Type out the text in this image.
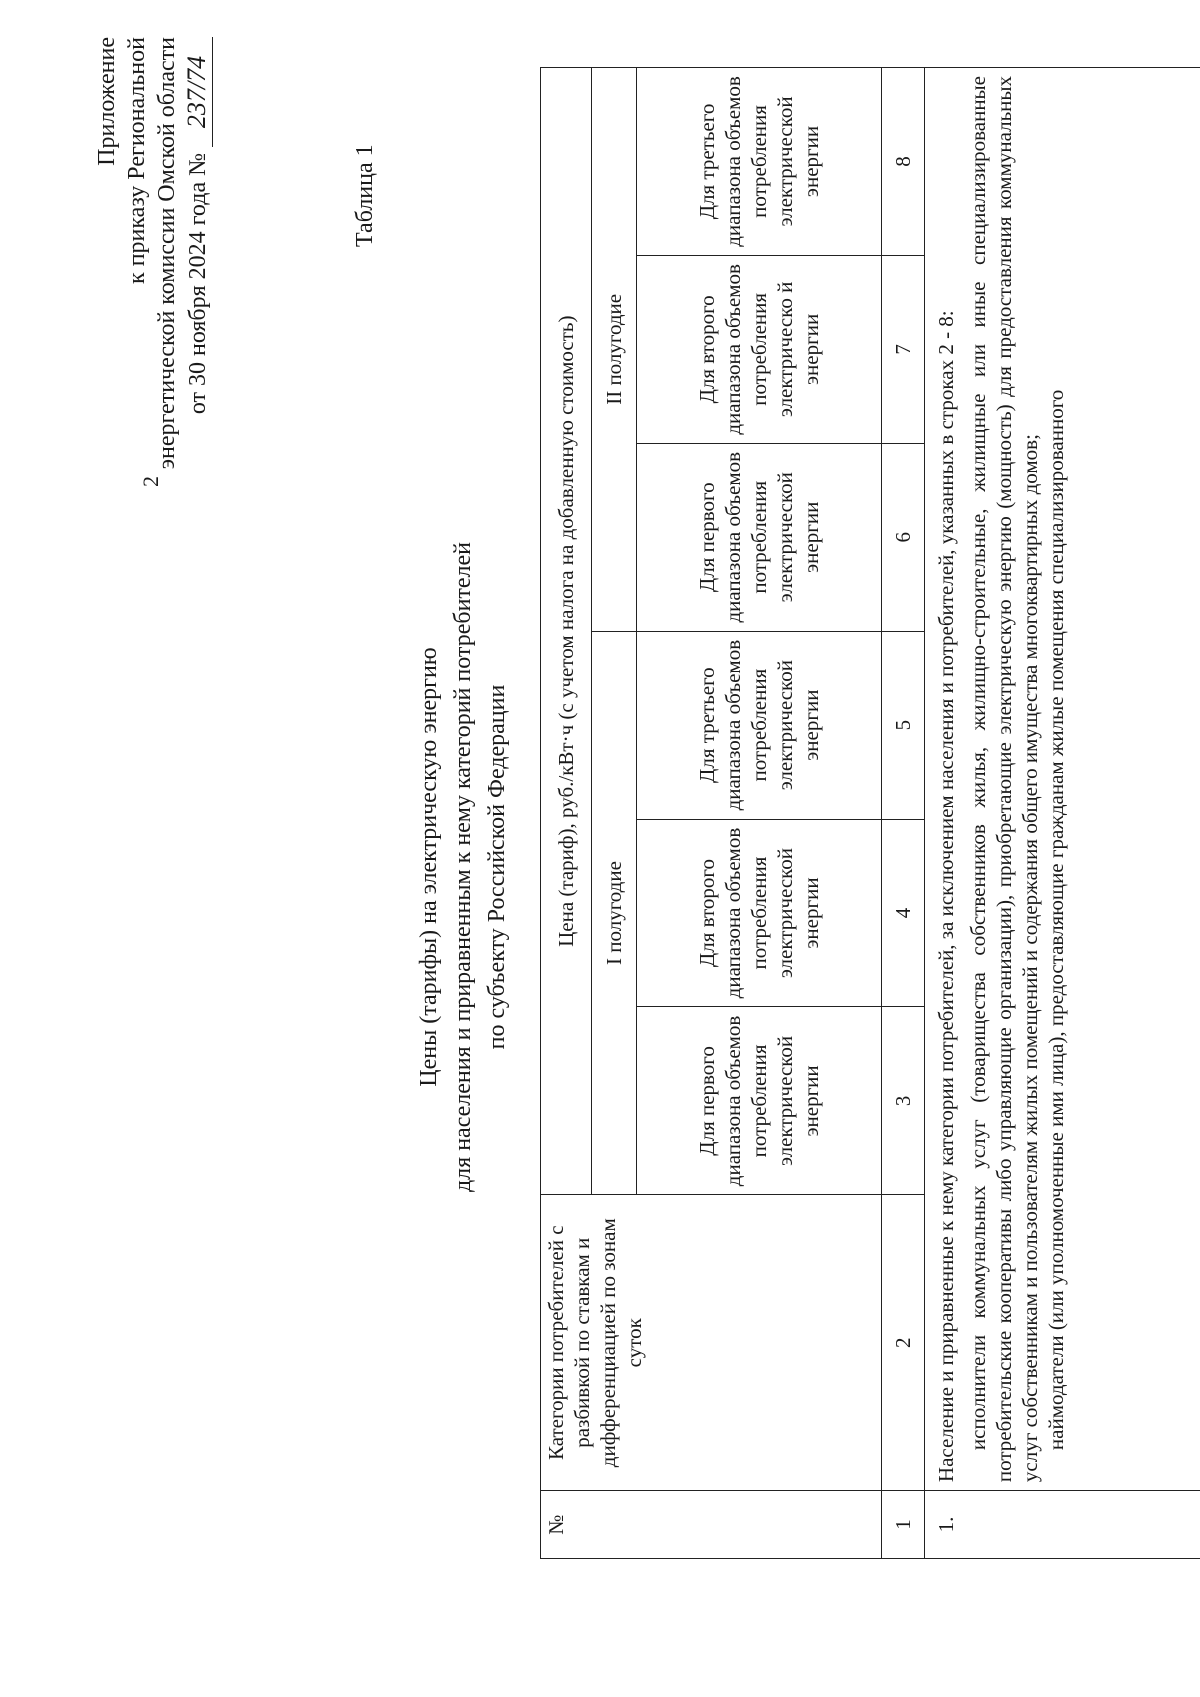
2
Приложение к приказу Региональной энергетической комиссии Омской области от 30 ноября 2024 года № 237/74
Таблица 1
Цены (тарифы) на электрическую энергию для населения и приравненным к нему категорий потребителей по субъекту Российской Федерации
№	Категории потребителей с разбивкой по ставкам и дифференциацией по зонам суток	Цена (тариф), руб./кВт·ч (с учетом налога на добавленную стоимость)					
		I полугодие			II полугодие		
		Для первого диапазона объемов потребления электрической энергии	Для второго диапазона объемов потребления электрической энергии	Для третьего диапазона объемов потребления электрической энергии	Для первого диапазона объемов потребления электрической энергии	Для второго диапазона объемов потребления электрическо й энергии	Для третьего диапазона объемов потребления электрической энергии
1	2	3	4	5	6	7	8
1.	Население и приравненные к нему категории потребителей, за исключением населения и потребителей, указанных в строках 2 - 8: исполнители коммунальных услуг (товарищества собственников жилья, жилищно-строительные, жилищные или иные специализированные потребительские кооперативы либо управляющие организации), приобретающие электрическую энергию (мощность) для предоставления коммунальных услуг собственникам и пользователям жилых помещений и содержания общего имущества многоквартирных домов; наймодатели (или уполномоченные ими лица), предоставляющие гражданам жилые помещения специализированного						
